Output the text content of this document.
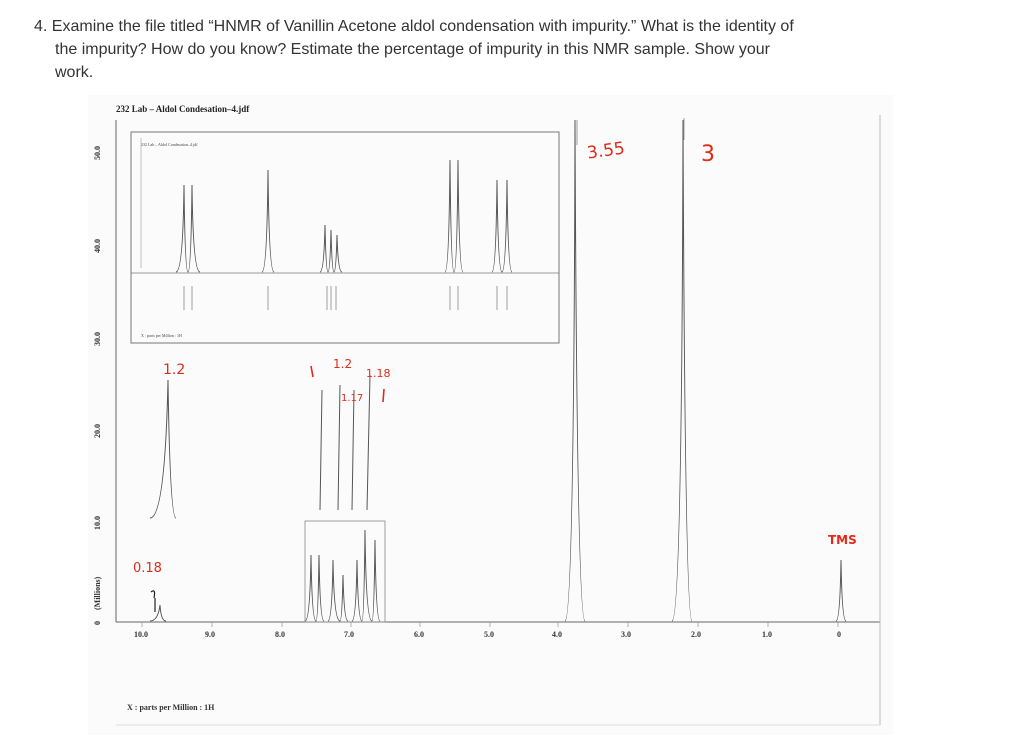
4. Examine the file titled “HNMR of Vanillin Acetone aldol condensation with impurity.” What is the identity of
the impurity? How do you know? Estimate the percentage of impurity in this NMR sample. Show your
work.
232 Lab – Aldol Condesation–4.jdf
232 Lab – Aldol Condesation–4.jdf
X : parts per Million : 1H
0
10.0
20.0
30.0
40.0
50.0
(Millions)
10.0	9.0	8.0	7.0	6.0	5.0	4.0	3.0	2.0	1.0	0
X : parts per Million : 1H
3.55	3
1.2	1.2
1.18
1.17
0.18
TMS
